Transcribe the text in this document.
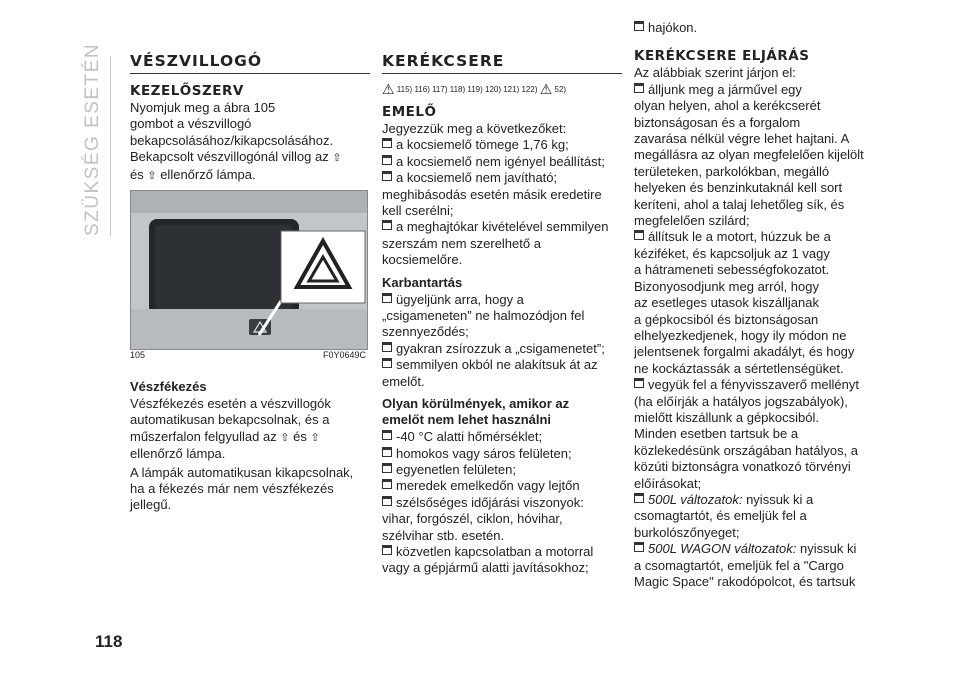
SZÜKSÉG ESETÉN
118
VÉSZVILLOGÓ
KEZELŐSZERV

Nyomjuk meg a ábra 105

gombot a vészvillogó

bekapcsolásához/kikapcsolásához.

Bekapcsolt vészvillogónál villog az ⇧

és ⇧ ellenőrző lámpa.

105	F0Y0649C
Vészfékezés

Vészfékezés esetén a vészvillogók

automatikusan bekapcsolnak, és a

műszerfalon felgyullad az ⇧ és ⇧

ellenőrző lámpa.

A lámpák automatikusan kikapcsolnak,

ha a fékezés már nem vészfékezés

jellegű.

KERÉKCSERE
⚠ 115) 116) 117) 118) 119) 120) 121) 122) ⚠ 52)
EMELŐ

Jegyezzük meg a következőket:

a kocsiemelő tömege 1,76 kg;

a kocsiemelő nem igényel beállítást;

a kocsiemelő nem javítható;

meghibásodás esetén másik eredetire

kell cserélni;

a meghajtókar kivételével semmilyen

szerszám nem szerelhető a

kocsiemelőre.

Karbantartás

ügyeljünk arra, hogy a

„csigameneten” ne halmozódjon fel

szennyeződés;

gyakran zsírozzuk a „csigamenetet”;

semmilyen okból ne alakítsuk át az

emelőt.

Olyan körülmények, amikor az
emelőt nem lehet használni

-40 °C alatti hőmérséklet;

homokos vagy sáros felületen;

egyenetlen felületen;

meredek emelkedőn vagy lejtőn

szélsőséges időjárási viszonyok:

vihar, forgószél, ciklon, hóvihar,

szélvihar stb. esetén.

közvetlen kapcsolatban a motorral

vagy a gépjármű alatti javításokhoz;

hajókon.

KERÉKCSERE ELJÁRÁS

Az alábbiak szerint járjon el:

álljunk meg a járművel egy

olyan helyen, ahol a kerékcserét

biztonságosan és a forgalom

zavarása nélkül végre lehet hajtani. A

megállásra az olyan megfelelően kijelölt

területeken, parkolókban, megálló

helyeken és benzinkutaknál kell sort

keríteni, ahol a talaj lehetőleg sík, és

megfelelően szilárd;

állítsuk le a motort, húzzuk be a

kéziféket, és kapcsoljuk az 1 vagy

a hátrameneti sebességfokozatot.

Bizonyosodjunk meg arról, hogy

az esetleges utasok kiszálljanak

a gépkocsiból és biztonságosan

elhelyezkedjenek, hogy ily módon ne

jelentsenek forgalmi akadályt, és hogy

ne kockáztassák a sértetlenségüket.

vegyük fel a fényvisszaverő mellényt

(ha előírják a hatályos jogszabályok),

mielőtt kiszállunk a gépkocsiból.

Minden esetben tartsuk be a

közlekedésünk országában hatályos, a

közúti biztonságra vonatkozó törvényi

előírásokat;

500L változatok: nyissuk ki a

csomagtartót, és emeljük fel a

burkolószőnyeget;

500L WAGON változatok: nyissuk ki

a csomagtartót, emeljük fel a "Cargo

Magic Space" rakodópolcot, és tartsuk
